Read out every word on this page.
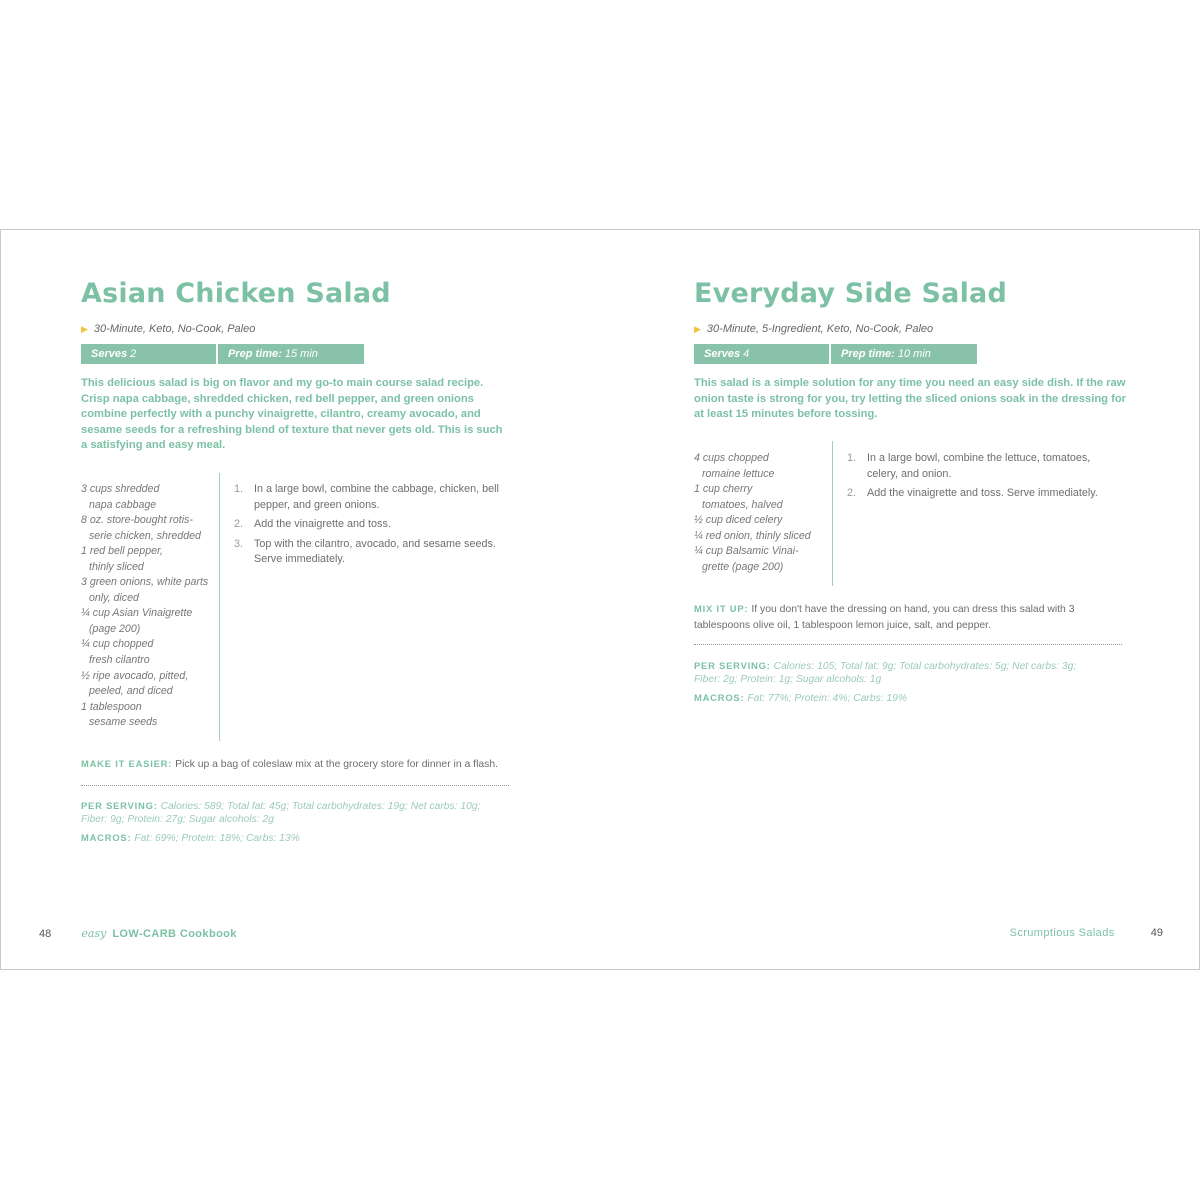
Asian Chicken Salad
▶ 30-Minute, Keto, No-Cook, Paleo
Serves 2	Prep time: 15 min
This delicious salad is big on flavor and my go-to main course salad recipe. Crisp napa cabbage, shredded chicken, red bell pepper, and green onions combine perfectly with a punchy vinaigrette, cilantro, creamy avocado, and sesame seeds for a refreshing blend of texture that never gets old. This is such a satisfying and easy meal.
3 cups shredded
napa cabbage
8 oz. store-bought rotis-
serie chicken, shredded
1 red bell pepper,
thinly sliced
3 green onions, white parts
only, diced
¼ cup Asian Vinaigrette
(page 200)
¼ cup chopped
fresh cilantro
½ ripe avocado, pitted,
peeled, and diced
1 tablespoon
sesame seeds
1.	In a large bowl, combine the cabbage, chicken, bell pepper, and green onions.
2.	Add the vinaigrette and toss.
3.	Top with the cilantro, avocado, and sesame seeds. Serve immediately.
MAKE IT EASIER: Pick up a bag of coleslaw mix at the grocery store for dinner in a flash.
PER SERVING: Calories: 589; Total fat: 45g; Total carbohydrates: 19g; Net carbs: 10g; Fiber: 9g; Protein: 27g; Sugar alcohols: 2g
MACROS: Fat: 69%; Protein: 18%; Carbs: 13%
48	easy LOW-CARB Cookbook
Everyday Side Salad
▶ 30-Minute, 5-Ingredient, Keto, No-Cook, Paleo
Serves 4	Prep time: 10 min
This salad is a simple solution for any time you need an easy side dish. If the raw onion taste is strong for you, try letting the sliced onions soak in the dressing for at least 15 minutes before tossing.
4 cups chopped
romaine lettuce
1 cup cherry
tomatoes, halved
½ cup diced celery
¼ red onion, thinly sliced
¼ cup Balsamic Vinai-
grette (page 200)
1.	In a large bowl, combine the lettuce, tomatoes, celery, and onion.
2.	Add the vinaigrette and toss. Serve immediately.
MIX IT UP: If you don't have the dressing on hand, you can dress this salad with 3 tablespoons olive oil, 1 tablespoon lemon juice, salt, and pepper.
PER SERVING: Calories: 105; Total fat: 9g; Total carbohydrates: 5g; Net carbs: 3g; Fiber: 2g; Protein: 1g; Sugar alcohols: 1g
MACROS: Fat: 77%; Protein: 4%; Carbs: 19%
Scrumptious Salads	49
